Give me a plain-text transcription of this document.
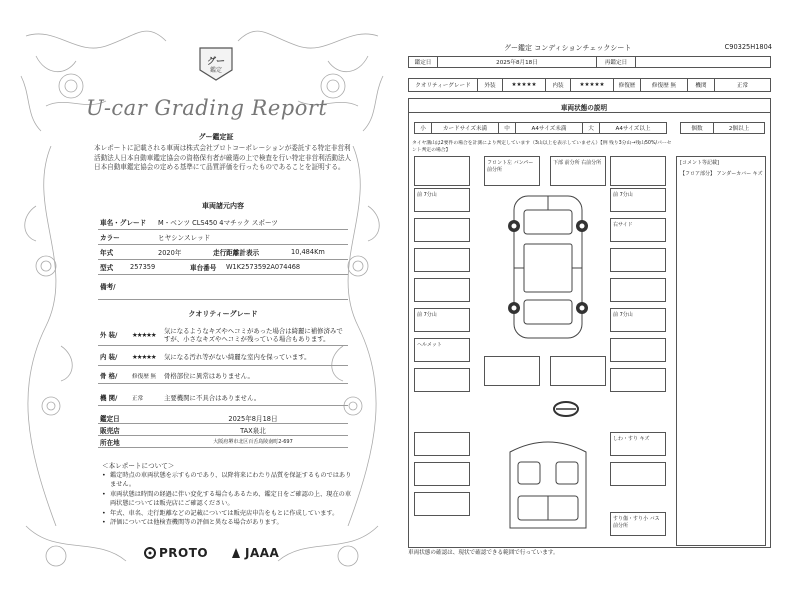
グー
鑑定
U-car Grading Report
グー鑑定証
本レポートに記載される車両は株式会社プロトコーポレーションが委託する特定非営利活動法人日本自動車鑑定協会の資格保有者が厳選の上で検査を行い特定非営利活動法人日本自動車鑑定協会の定める基準にて品質評価を行ったものであることを証明する。
車両諸元内容
車名・グレード	M・ベンツ CLS450 4マチック スポーツ
カラー	ヒヤシンスレッド
年式	2020年	走行距離計表示	10,484Km
型式	257359	車台番号	W1K2573592A074468
備考/
クオリティーグレード
外 装/	★★★★★	気になるようなキズやヘコミがあった場合は綺麗に補修済みですが、小さなキズやヘコミが残っている場合もあります。
内 装/	★★★★★	気になる汚れ等がない綺麗な室内を保っています。
骨 格/	修復歴 無	骨格部位に異常はありません。
機 関/	正常	主要機関に不具合はありません。
鑑定日	2025年8月18日
販売店	TAX泉北
所在地	大阪府堺市北区百舌鳥陵南町2-697
＜本レポートについて＞
• 鑑定時点の車両状態を示すものであり、以降将来にわたり品質を保証するものではありません。
• 車両状態は時間の経過に伴い変化する場合もあるため、鑑定日をご確認の上、現在の車両状態については販売店にご確認ください。
• 年式、車名、走行距離などの記載については販売店申告をもとに作成しています。
• 評価については他検査機関等の評価と異なる場合があります。
PROTO	JAAA
グー鑑定 コンディションチェックシート	C90325H1804
鑑定日	2025年8月18日	再鑑定日
クオリティーグレード	外装	★★★★★	内装	★★★★★	修復歴	修復歴 無	機関	正常
車両状態の説明
小	カードサイズ未満	中	A4サイズ未満	大	A4サイズ以上	個数	2個以上
タイヤ溝山は2要件の場合を計測により判定しています（3山以上を表示していません）【例 残り3分山→残山50%/パーセント判定の場合】
フロント左 バンパー 前分所
下部 前分所 右前分所
前 7分山
前 7分山
ヘルメット
前 7分山
右サイド
前 7分山
しわ・すり キズ
すり傷・すり小 バス 前分所
[コメント等記載]
【フロア部分】 アンダーカバー キズ
車両状態の確認は、現状で確認できる範囲で行っています。
